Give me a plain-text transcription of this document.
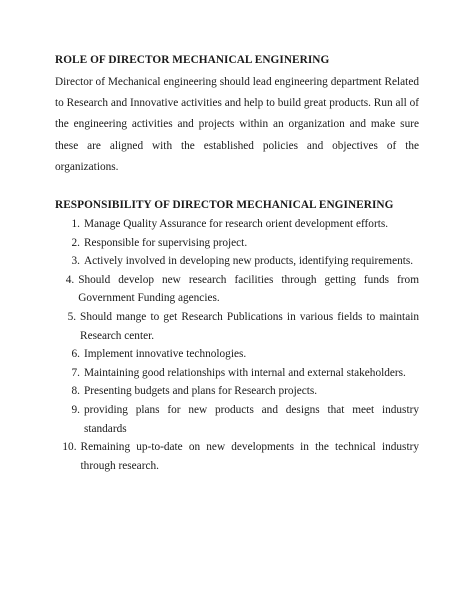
ROLE OF DIRECTOR MECHANICAL ENGINERING

Director of Mechanical engineering should lead engineering department Related to Research and Innovative activities and help to build great products. Run all of the engineering activities and projects within an organization and make sure these are aligned with the established policies and objectives of the organizations.

RESPONSIBILITY OF DIRECTOR MECHANICAL ENGINERING
1. Manage Quality Assurance for research orient development efforts.
2. Responsible for supervising project.
3. Actively involved in developing new products, identifying requirements.
4. Should develop new research facilities through getting funds from Government Funding agencies.
5. Should mange to get Research Publications in various fields to maintain Research center.
6. Implement innovative technologies.
7. Maintaining good relationships with internal and external stakeholders.
8. Presenting budgets and plans for Research projects.
9. providing plans for new products and designs that meet industry standards
10. Remaining up-to-date on new developments in the technical industry through research.
